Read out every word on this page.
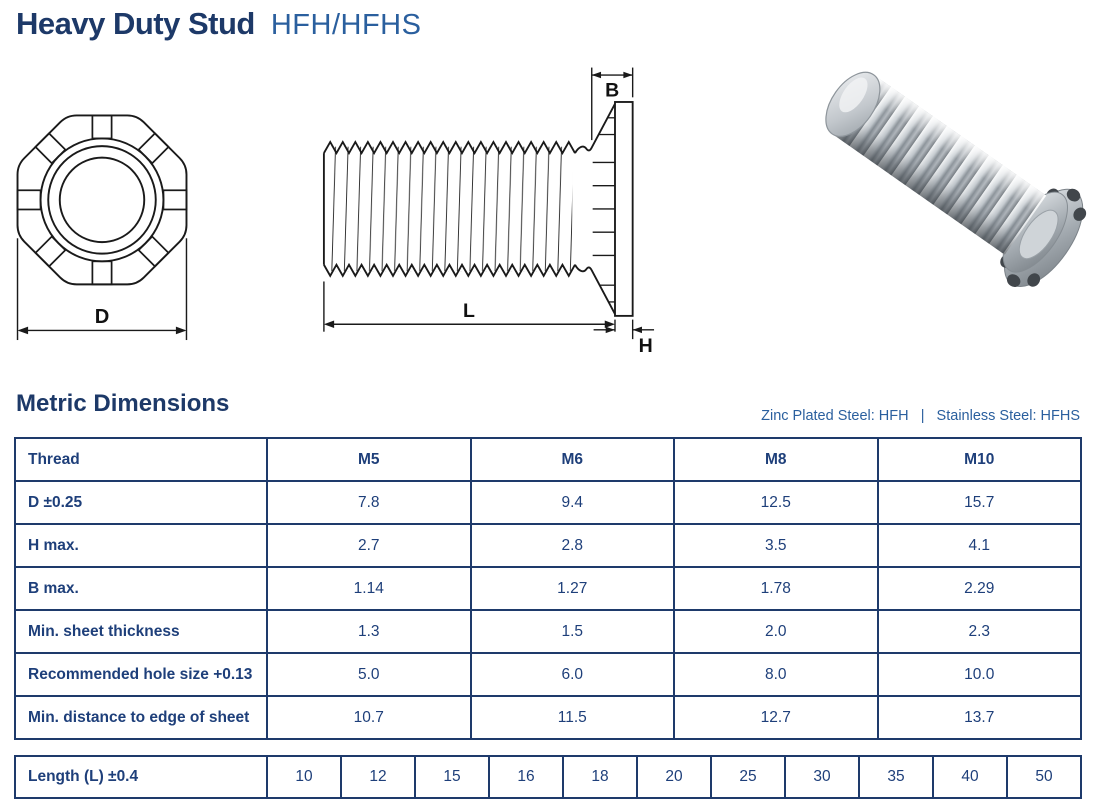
Heavy Duty Stud HFH/HFHS
D
B
L
H
Metric Dimensions	Zinc Plated Steel: HFH   |   Stainless Steel: HFHS
Thread	M5	M6	M8	M10
D ±0.25	7.8	9.4	12.5	15.7
H max.	2.7	2.8	3.5	4.1
B max.	1.14	1.27	1.78	2.29
Min. sheet thickness	1.3	1.5	2.0	2.3
Recommended hole size +0.13	5.0	6.0	8.0	10.0
Min. distance to edge of sheet	10.7	11.5	12.7	13.7
Length (L) ±0.4	10	12	15	16	18	20	25	30	35	40	50
